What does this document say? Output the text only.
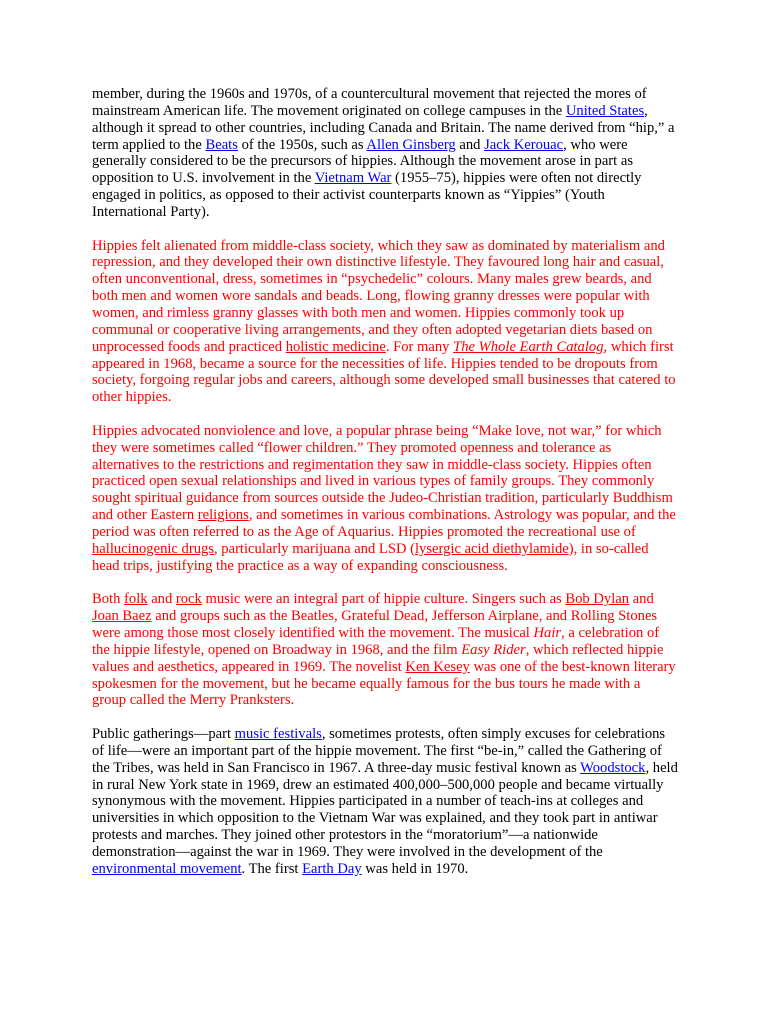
member, during the 1960s and 1970s, of a countercultural movement that rejected the mores of mainstream American life. The movement originated on college campuses in the United States, although it spread to other countries, including Canada and Britain. The name derived from “hip,” a term applied to the Beats of the 1950s, such as Allen Ginsberg and Jack Kerouac, who were generally considered to be the precursors of hippies. Although the movement arose in part as opposition to U.S. involvement in the Vietnam War (1955–75), hippies were often not directly engaged in politics, as opposed to their activist counterparts known as “Yippies” (Youth International Party).

Hippies felt alienated from middle-class society, which they saw as dominated by materialism and repression, and they developed their own distinctive lifestyle. They favoured long hair and casual, often unconventional, dress, sometimes in “psychedelic” colours. Many males grew beards, and both men and women wore sandals and beads. Long, flowing granny dresses were popular with women, and rimless granny glasses with both men and women. Hippies commonly took up communal or cooperative living arrangements, and they often adopted vegetarian diets based on unprocessed foods and practiced holistic medicine. For many The Whole Earth Catalog, which first appeared in 1968, became a source for the necessities of life. Hippies tended to be dropouts from society, forgoing regular jobs and careers, although some developed small businesses that catered to other hippies.

Hippies advocated nonviolence and love, a popular phrase being “Make love, not war,” for which they were sometimes called “flower children.” They promoted openness and tolerance as alternatives to the restrictions and regimentation they saw in middle-class society. Hippies often practiced open sexual relationships and lived in various types of family groups. They commonly sought spiritual guidance from sources outside the Judeo-Christian tradition, particularly Buddhism and other Eastern religions, and sometimes in various combinations. Astrology was popular, and the period was often referred to as the Age of Aquarius. Hippies promoted the recreational use of hallucinogenic drugs, particularly marijuana and LSD (lysergic acid diethylamide), in so-called head trips, justifying the practice as a way of expanding consciousness.

Both folk and rock music were an integral part of hippie culture. Singers such as Bob Dylan and Joan Baez and groups such as the Beatles, Grateful Dead, Jefferson Airplane, and Rolling Stones were among those most closely identified with the movement. The musical Hair, a celebration of the hippie lifestyle, opened on Broadway in 1968, and the film Easy Rider, which reflected hippie values and aesthetics, appeared in 1969. The novelist Ken Kesey was one of the best-known literary spokesmen for the movement, but he became equally famous for the bus tours he made with a group called the Merry Pranksters.

Public gatherings—part music festivals, sometimes protests, often simply excuses for celebrations of life—were an important part of the hippie movement. The first “be-in,” called the Gathering of the Tribes, was held in San Francisco in 1967. A three-day music festival known as Woodstock, held in rural New York state in 1969, drew an estimated 400,000–500,000 people and became virtually synonymous with the movement. Hippies participated in a number of teach-ins at colleges and universities in which opposition to the Vietnam War was explained, and they took part in antiwar protests and marches. They joined other protestors in the “moratorium”—a nationwide demonstration—against the war in 1969. They were involved in the development of the environmental movement. The first Earth Day was held in 1970.
